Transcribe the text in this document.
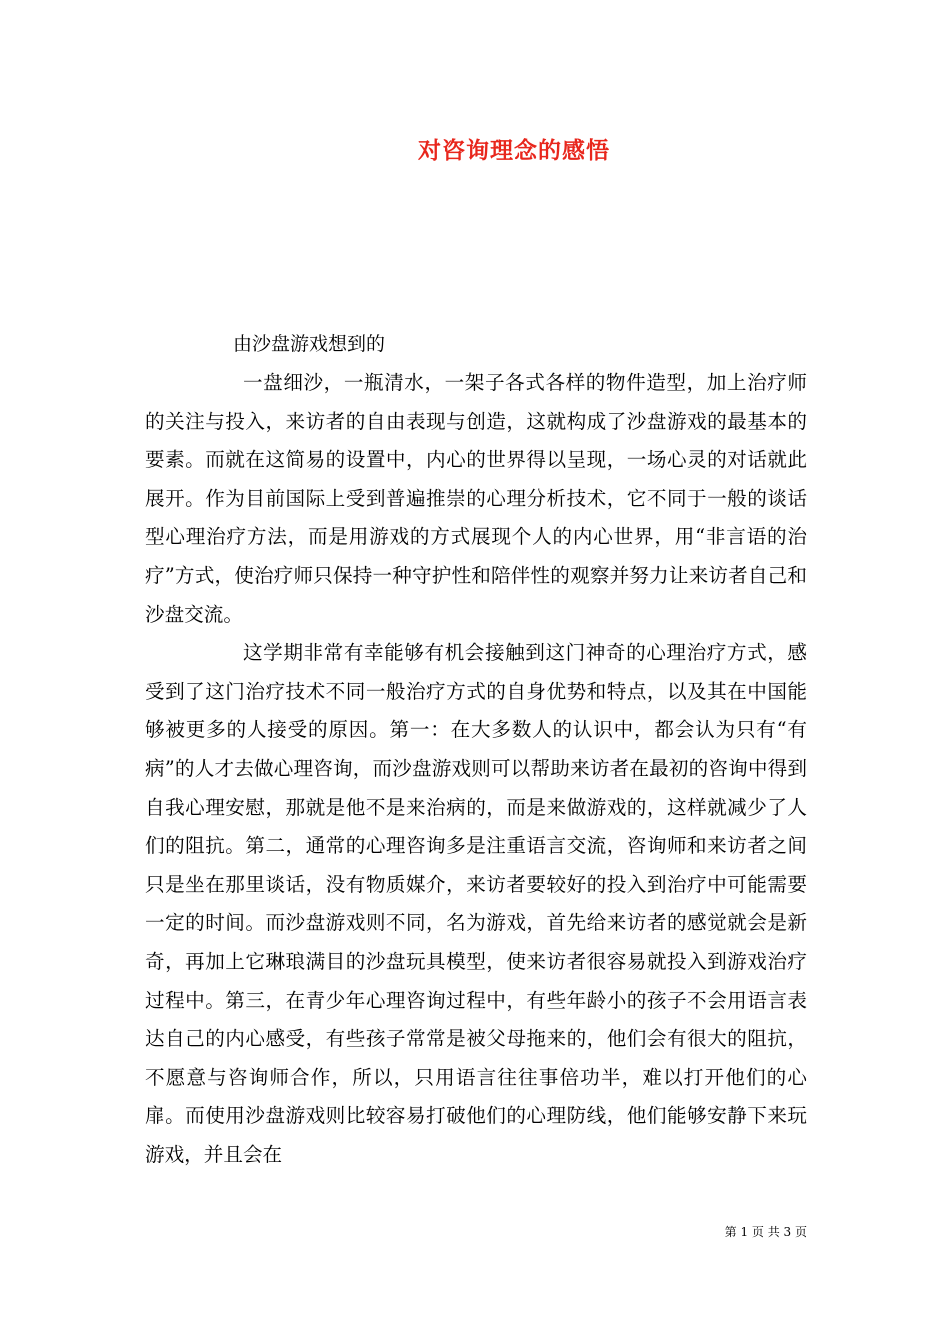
对咨询理念的感悟

由沙盘游戏想到的

一盘细沙，一瓶清水，一架子各式各样的物件造型，加上治疗师的关注与投入，来访者的自由表现与创造，这就构成了沙盘游戏的最基本的要素。而就在这简易的设置中，内心的世界得以呈现，一场心灵的对话就此展开。作为目前国际上受到普遍推崇的心理分析技术，它不同于一般的谈话型心理治疗方法，而是用游戏的方式展现个人的内心世界，用“非言语的治疗”方式，使治疗师只保持一种守护性和陪伴性的观察并努力让来访者自己和沙盘交流。

这学期非常有幸能够有机会接触到这门神奇的心理治疗方式，感受到了这门治疗技术不同一般治疗方式的自身优势和特点，以及其在中国能够被更多的人接受的原因。第一：在大多数人的认识中，都会认为只有“有病”的人才去做心理咨询，而沙盘游戏则可以帮助来访者在最初的咨询中得到自我心理安慰，那就是他不是来治病的，而是来做游戏的，这样就减少了人们的阻抗。第二，通常的心理咨询多是注重语言交流，咨询师和来访者之间只是坐在那里谈话，没有物质媒介，来访者要较好的投入到治疗中可能需要一定的时间。而沙盘游戏则不同，名为游戏，首先给来访者的感觉就会是新奇，再加上它琳琅满目的沙盘玩具模型，使来访者很容易就投入到游戏治疗过程中。第三，在青少年心理咨询过程中，有些年龄小的孩子不会用语言表达自己的内心感受，有些孩子常常是被父母拖来的，他们会有很大的阻抗，不愿意与咨询师合作，所以，只用语言往往事倍功半，难以打开他们的心扉。而使用沙盘游戏则比较容易打破他们的心理防线，他们能够安静下来玩游戏，并且会在

第 1 页 共 3 页
